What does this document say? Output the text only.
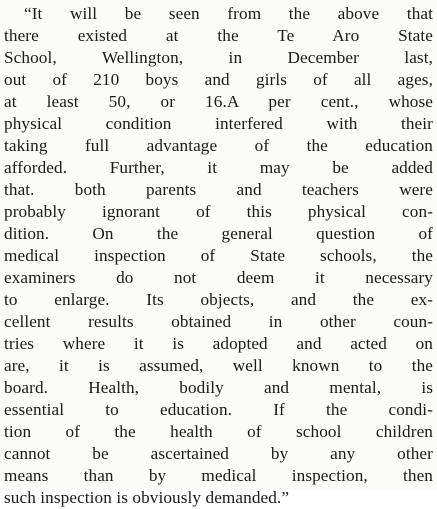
“It will be seen from the above that
there existed at the Te Aro State
School, Wellington, in December last,
out of 210 boys and girls of all ages,
at least 50, or 16.A per cent., whose
physical condition interfered with their
taking full advantage of the education
afforded. Further, it may be added
that. both parents and teachers were
probably ignorant of this physical con-
dition. On the general question of
medical inspection of State schools, the
examiners do not deem it necessary
to enlarge. Its objects, and the ex-
cellent results obtained in other coun-
tries where it is adopted and acted on
are, it is assumed, well known to the
board. Health, bodily and mental, is
essential to education. If the condi-
tion of the health of school children
cannot be ascertained by any other
means than by medical inspection, then
such inspection is obviously demanded.”
